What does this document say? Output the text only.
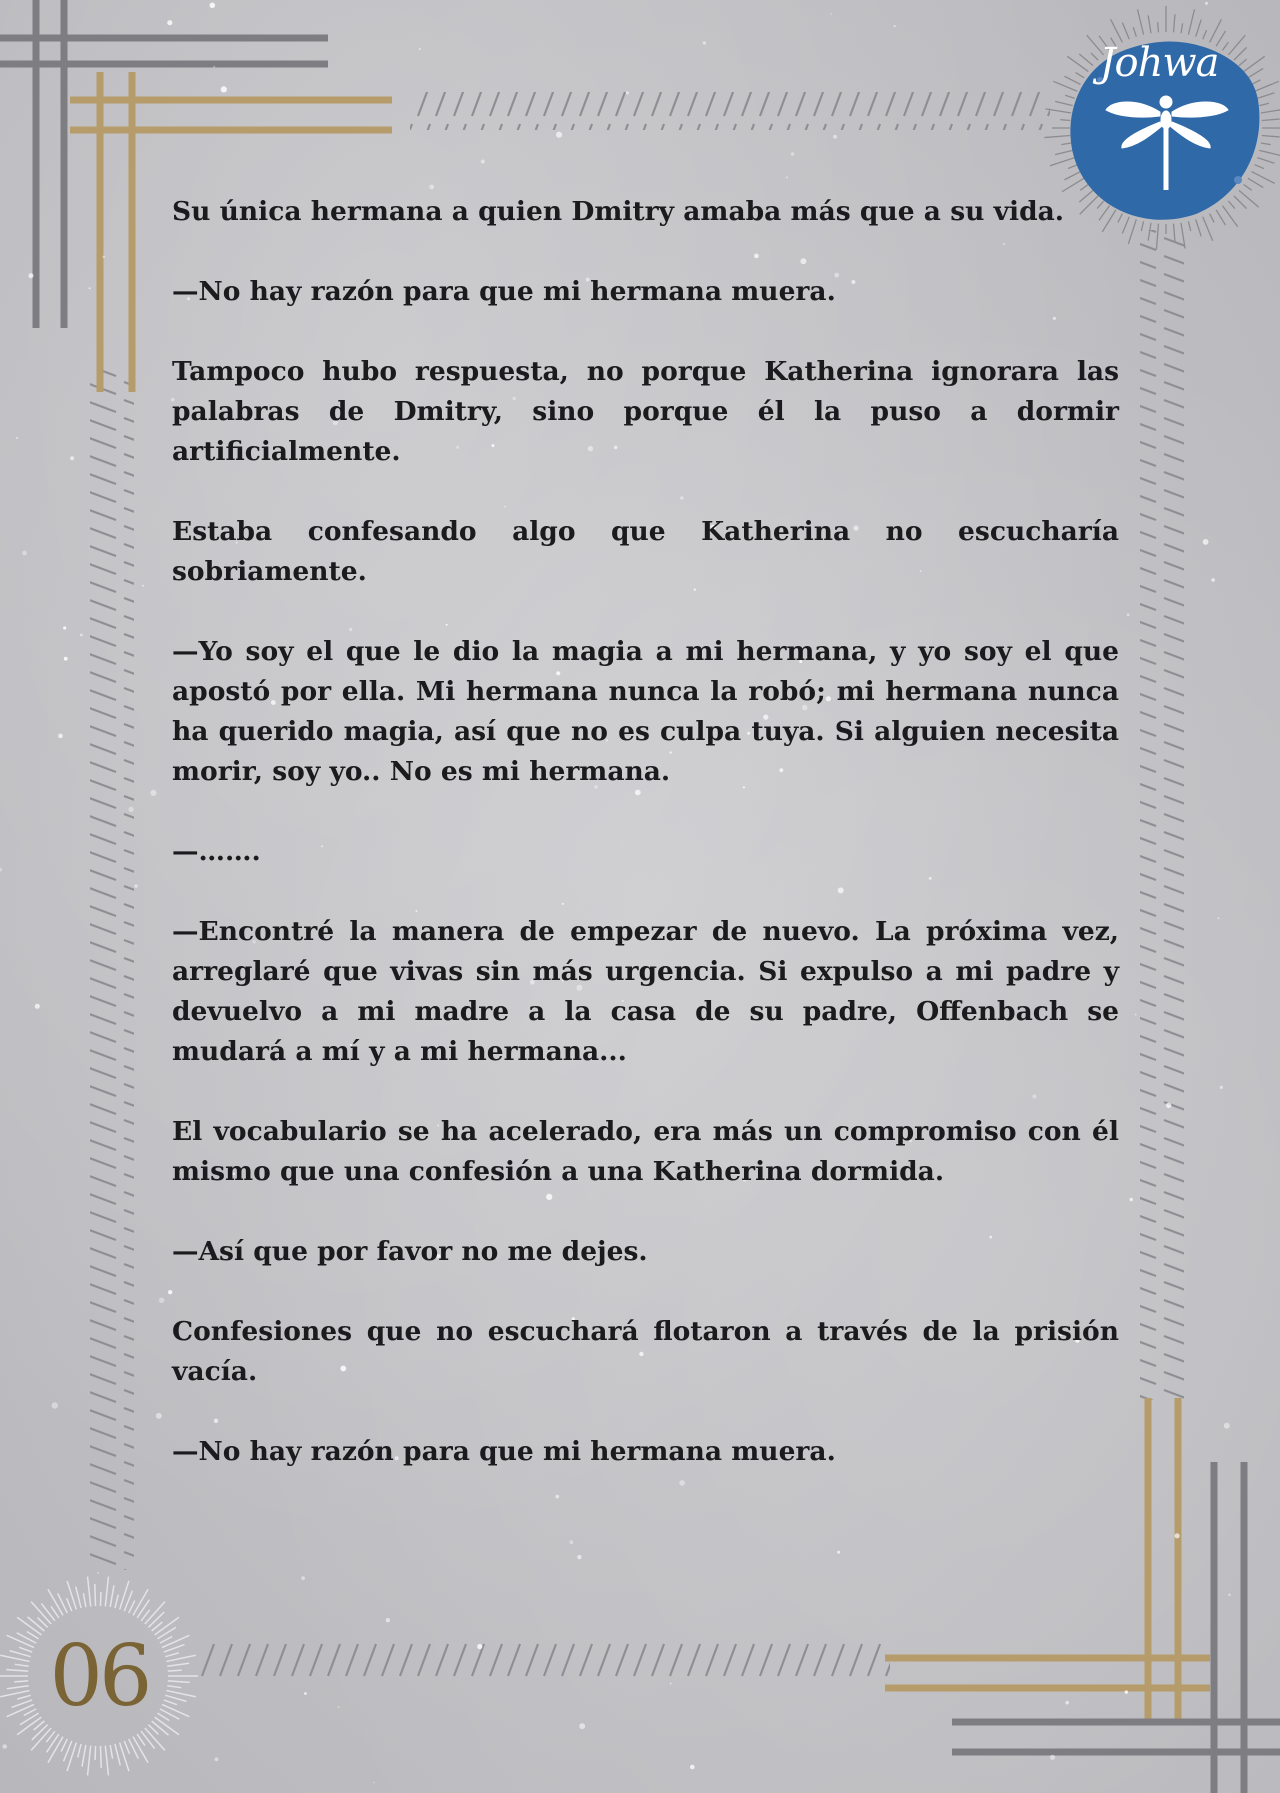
Johwa

Su única hermana a quien Dmitry amaba más que a su vida.

—No hay razón para que mi hermana muera.

Tampoco hubo respuesta, no porque Katherina ignorara las palabras de Dmitry, sino porque él la puso a dormir artificialmente.

Estaba confesando algo que Katherina no escucharía sobriamente.

—Yo soy el que le dio la magia a mi hermana, y yo soy el que apostó por ella. Mi hermana nunca la robó; mi hermana nunca ha querido magia, así que no es culpa tuya. Si alguien necesita morir, soy yo.. No es mi hermana.

—…….

—Encontré la manera de empezar de nuevo. La próxima vez, arreglaré que vivas sin más urgencia. Si expulso a mi padre y devuelvo a mi madre a la casa de su padre, Offenbach se mudará a mí y a mi hermana...

El vocabulario se ha acelerado, era más un compromiso con él mismo que una confesión a una Katherina dormida.

—Así que por favor no me dejes.

Confesiones que no escuchará flotaron a través de la prisión vacía.

—No hay razón para que mi hermana muera.

06
